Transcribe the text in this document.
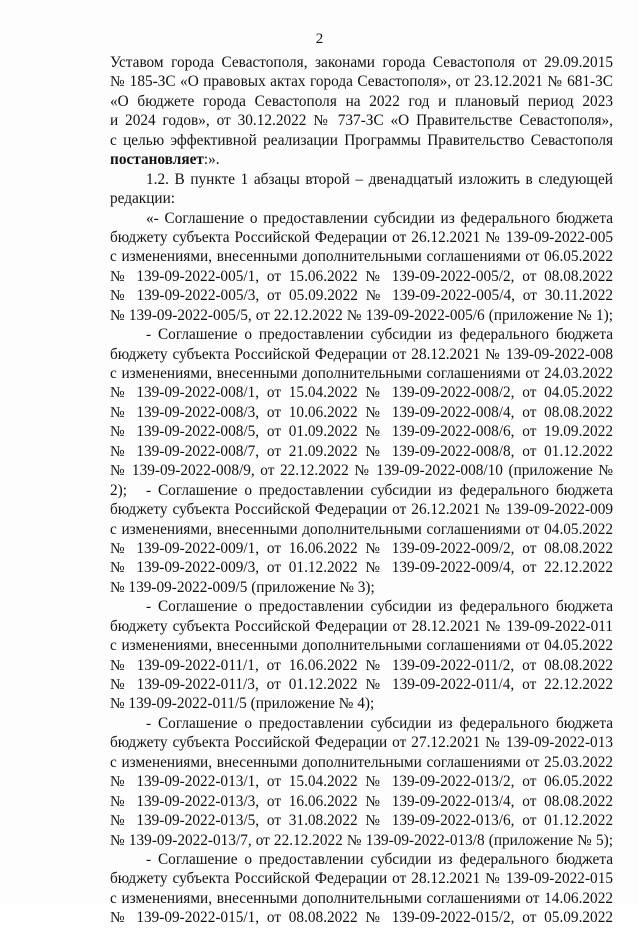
2
Уставом города Севастополя, законами города Севастополя от 29.09.2015
№ 185-ЗС «О правовых актах города Севастополя», от 23.12.2021 № 681-ЗС
«О бюджете города Севастополя на 2022 год и плановый период 2023
и 2024 годов», от 30.12.2022 № 737-ЗС «О Правительстве Севастополя»,
с целью эффективной реализации Программы Правительство Севастополя
постановляет:».
1.2. В пункте 1 абзацы второй – двенадцатый изложить в следующей
редакции:
«- Соглашение о предоставлении субсидии из федерального бюджета
бюджету субъекта Российской Федерации от 26.12.2021 № 139-09-2022-005
с изменениями, внесенными дополнительными соглашениями от 06.05.2022
№ 139-09-2022-005/1, от 15.06.2022 № 139-09-2022-005/2, от 08.08.2022
№ 139-09-2022-005/3, от 05.09.2022 № 139-09-2022-005/4, от 30.11.2022
№ 139-09-2022-005/5, от 22.12.2022 № 139-09-2022-005/6 (приложение № 1);
- Соглашение о предоставлении субсидии из федерального бюджета
бюджету субъекта Российской Федерации от 28.12.2021 № 139-09-2022-008
с изменениями, внесенными дополнительными соглашениями от 24.03.2022
№ 139-09-2022-008/1, от 15.04.2022 № 139-09-2022-008/2, от 04.05.2022
№ 139-09-2022-008/3, от 10.06.2022 № 139-09-2022-008/4, от 08.08.2022
№ 139-09-2022-008/5, от 01.09.2022 № 139-09-2022-008/6, от 19.09.2022
№ 139-09-2022-008/7, от 21.09.2022 № 139-09-2022-008/8, от 01.12.2022
№ 139-09-2022-008/9, от 22.12.2022 № 139-09-2022-008/10 (приложение № 2);	- Соглашение о предоставлении субсидии из федерального бюджета
бюджету субъекта Российской Федерации от 26.12.2021 № 139-09-2022-009
с изменениями, внесенными дополнительными соглашениями от 04.05.2022
№ 139-09-2022-009/1, от 16.06.2022 № 139-09-2022-009/2, от 08.08.2022
№ 139-09-2022-009/3, от 01.12.2022 № 139-09-2022-009/4, от 22.12.2022
№ 139-09-2022-009/5 (приложение № 3);
- Соглашение о предоставлении субсидии из федерального бюджета
бюджету субъекта Российской Федерации от 28.12.2021 № 139-09-2022-011
с изменениями, внесенными дополнительными соглашениями от 04.05.2022
№ 139-09-2022-011/1, от 16.06.2022 № 139-09-2022-011/2, от 08.08.2022
№ 139-09-2022-011/3, от 01.12.2022 № 139-09-2022-011/4, от 22.12.2022
№ 139-09-2022-011/5 (приложение № 4);
- Соглашение о предоставлении субсидии из федерального бюджета
бюджету субъекта Российской Федерации от 27.12.2021 № 139-09-2022-013
с изменениями, внесенными дополнительными соглашениями от 25.03.2022
№ 139-09-2022-013/1, от 15.04.2022 № 139-09-2022-013/2, от 06.05.2022
№ 139-09-2022-013/3, от 16.06.2022 № 139-09-2022-013/4, от 08.08.2022
№ 139-09-2022-013/5, от 31.08.2022 № 139-09-2022-013/6, от 01.12.2022
№ 139-09-2022-013/7, от 22.12.2022 № 139-09-2022-013/8 (приложение № 5);
- Соглашение о предоставлении субсидии из федерального бюджета
бюджету субъекта Российской Федерации от 28.12.2021 № 139-09-2022-015
с изменениями, внесенными дополнительными соглашениями от 14.06.2022
№ 139-09-2022-015/1, от 08.08.2022 № 139-09-2022-015/2, от 05.09.2022
